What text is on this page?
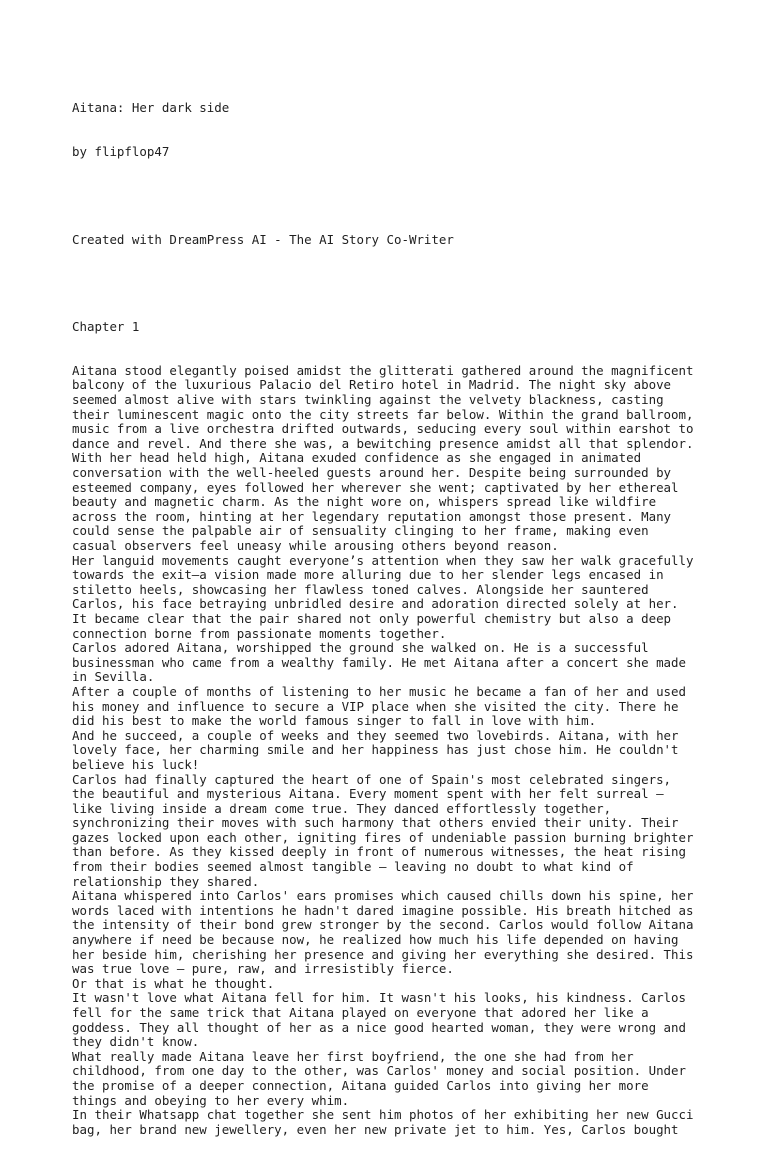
Aitana: Her dark side

by flipflop47

Created with DreamPress AI - The AI Story Co-Writer

Chapter 1

Aitana stood elegantly poised amidst the glitterati gathered around the magnificent
balcony of the luxurious Palacio del Retiro hotel in Madrid. The night sky above
seemed almost alive with stars twinkling against the velvety blackness, casting
their luminescent magic onto the city streets far below. Within the grand ballroom,
music from a live orchestra drifted outwards, seducing every soul within earshot to
dance and revel. And there she was, a bewitching presence amidst all that splendor.
With her head held high, Aitana exuded confidence as she engaged in animated
conversation with the well-heeled guests around her. Despite being surrounded by
esteemed company, eyes followed her wherever she went; captivated by her ethereal
beauty and magnetic charm. As the night wore on, whispers spread like wildfire
across the room, hinting at her legendary reputation amongst those present. Many
could sense the palpable air of sensuality clinging to her frame, making even
casual observers feel uneasy while arousing others beyond reason.
Her languid movements caught everyone’s attention when they saw her walk gracefully
towards the exit—a vision made more alluring due to her slender legs encased in
stiletto heels, showcasing her flawless toned calves. Alongside her sauntered
Carlos, his face betraying unbridled desire and adoration directed solely at her.
It became clear that the pair shared not only powerful chemistry but also a deep
connection borne from passionate moments together.
Carlos adored Aitana, worshipped the ground she walked on. He is a successful
businessman who came from a wealthy family. He met Aitana after a concert she made
in Sevilla.
After a couple of months of listening to her music he became a fan of her and used
his money and influence to secure a VIP place when she visited the city. There he
did his best to make the world famous singer to fall in love with him.
And he succeed, a couple of weeks and they seemed two lovebirds. Aitana, with her
lovely face, her charming smile and her happiness has just chose him. He couldn't
believe his luck!
Carlos had finally captured the heart of one of Spain's most celebrated singers,
the beautiful and mysterious Aitana. Every moment spent with her felt surreal –
like living inside a dream come true. They danced effortlessly together,
synchronizing their moves with such harmony that others envied their unity. Their
gazes locked upon each other, igniting fires of undeniable passion burning brighter
than before. As they kissed deeply in front of numerous witnesses, the heat rising
from their bodies seemed almost tangible – leaving no doubt to what kind of
relationship they shared.
Aitana whispered into Carlos' ears promises which caused chills down his spine, her
words laced with intentions he hadn't dared imagine possible. His breath hitched as
the intensity of their bond grew stronger by the second. Carlos would follow Aitana
anywhere if need be because now, he realized how much his life depended on having
her beside him, cherishing her presence and giving her everything she desired. This
was true love – pure, raw, and irresistibly fierce.
Or that is what he thought.
It wasn't love what Aitana fell for him. It wasn't his looks, his kindness. Carlos
fell for the same trick that Aitana played on everyone that adored her like a
goddess. They all thought of her as a nice good hearted woman, they were wrong and
they didn't know.
What really made Aitana leave her first boyfriend, the one she had from her
childhood, from one day to the other, was Carlos' money and social position. Under
the promise of a deeper connection, Aitana guided Carlos into giving her more
things and obeying to her every whim.
In their Whatsapp chat together she sent him photos of her exhibiting her new Gucci
bag, her brand new jewellery, even her new private jet to him. Yes, Carlos bought
